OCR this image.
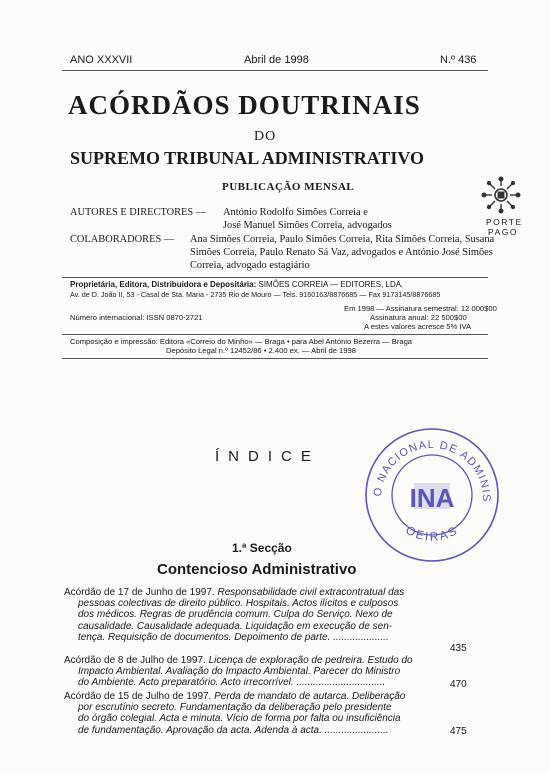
ANO XXXVII	Abril de 1998	N.º 436
ACÓRDÃOS DOUTRINAIS
DO
SUPREMO TRIBUNAL ADMINISTRATIVO
PUBLICAÇÃO MENSAL
PORTE
PAGO
AUTORES E DIRECTORES — António Rodolfo Simões Correia e
José Manuel Simões Correia, advogados
COLABORADORES — Ana Simões Correia, Paulo Simões Correia, Rita Simões Correia, Susana
Simões Correia, Paulo Renato Sá Vaz, advogados e António José Simões
Correia, advogado estagiário
Proprietária, Editora, Distribuidora e Depositária: SIMÕES CORREIA — EDITORES, LDA.
Av. de D. João II, 53 - Casal de Sta. Maria - 2735 Rio de Mouro — Tels. 9160163/8876685 — Fax 9173145/8876685
Em 1998 — Assinatura semestral: 12 000$00
Número internacional: ISSN 0870-2721	Assinatura anual: 22 500$00
A estes valores acresce 5% IVA
Composição e impressão: Editora «Correio do Minho» — Braga • para Abel António Bezerra — Braga
Depósito Legal n.º 12452/86 • 2.400 ex. — Abril de 1998
ÍNDICE
O NACIONAL DE ADMINIS
OEIRAS
INA
1.ª Secção
Contencioso Administrativo
Acórdão de 17 de Junho de 1997. Responsabilidade civil extracontratual das
pessoas colectivas de direito público. Hospitais. Actos ilícitos e culposos
dos médicos. Regras de prudência comum. Culpa do Serviço. Nexo de
causalidade. Causalidade adequada. Liquidação em execução de sen-
tença. Requisição de documentos. Depoimento de parte. ....................
435
Acórdão de 8 de Julho de 1997. Licença de exploração de pedreira. Estudo do
Impacto Ambiental. Avaliação do Impacto Ambiental. Parecer do Ministro
do Ambiente. Acto preparatório. Acto irrecorrível. ................................	470
Acórdão de 15 de Julho de 1997. Perda de mandato de autarca. Deliberação
por escrutínio secreto. Fundamentação da deliberação pelo presidente
do órgão colegial. Acta e minuta. Vício de forma por falta ou insuficiência
de fundamentação. Aprovação da acta. Adenda à acta. .......................	475
